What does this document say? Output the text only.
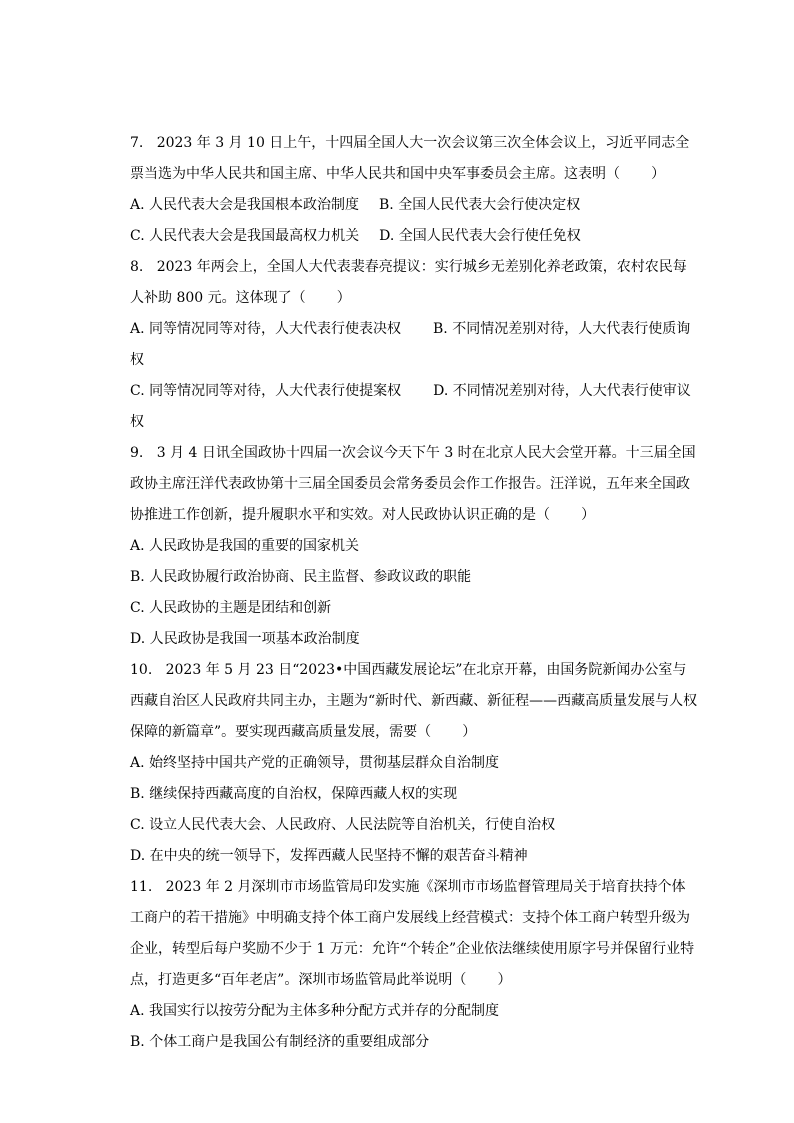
7.   2023 年 3 月 10 日上午，十四届全国人大一次会议第三次全体会议上，习近平同志全票当选为中华人民共和国主席、中华人民共和国中央军事委员会主席。这表明（       ）

A. 人民代表大会是我国根本政治制度 B. 全国人民代表大会行使决定权
C. 人民代表大会是我国最高权力机关 D. 全国人民代表大会行使任免权

8.   2023 年两会上，全国人大代表裴春亮提议：实行城乡无差别化养老政策，农村农民每人补助 800 元。这体现了（       ）

A. 同等情况同等对待，人大代表行使表决权 B. 不同情况差别对待，人大代表行使质询权

C. 同等情况同等对待，人大代表行使提案权 D. 不同情况差别对待，人大代表行使审议权

9.   3 月 4 日讯全国政协十四届一次会议今天下午 3 时在北京人民大会堂开幕。十三届全国政协主席汪洋代表政协第十三届全国委员会常务委员会作工作报告。汪洋说，五年来全国政协推进工作创新，提升履职水平和实效。对人民政协认识正确的是（       ）

A. 人民政协是我国的重要的国家机关

B. 人民政协履行政治协商、民主监督、参政议政的职能

C. 人民政协的主题是团结和创新

D. 人民政协是我国一项基本政治制度

10.   2023 年 5 月 23 日“2023•中国西藏发展论坛”在北京开幕，由国务院新闻办公室与西藏自治区人民政府共同主办，主题为“新时代、新西藏、新征程——西藏高质量发展与人权保障的新篇章”。要实现西藏高质量发展，需要（       ）

A. 始终坚持中国共产党的正确领导，贯彻基层群众自治制度

B. 继续保持西藏高度的自治权，保障西藏人权的实现

C. 设立人民代表大会、人民政府、人民法院等自治机关，行使自治权

D. 在中央的统一领导下，发挥西藏人民坚持不懈的艰苦奋斗精神

11.   2023 年 2 月深圳市市场监管局印发实施《深圳市市场监督管理局关于培育扶持个体工商户的若干措施》中明确支持个体工商户发展线上经营模式：支持个体工商户转型升级为企业，转型后每户奖励不少于 1 万元：允许“个转企”企业依法继续使用原字号并保留行业特点，打造更多“百年老店”。深圳市场监管局此举说明（       ）

A. 我国实行以按劳分配为主体多种分配方式并存的分配制度

B. 个体工商户是我国公有制经济的重要组成部分
